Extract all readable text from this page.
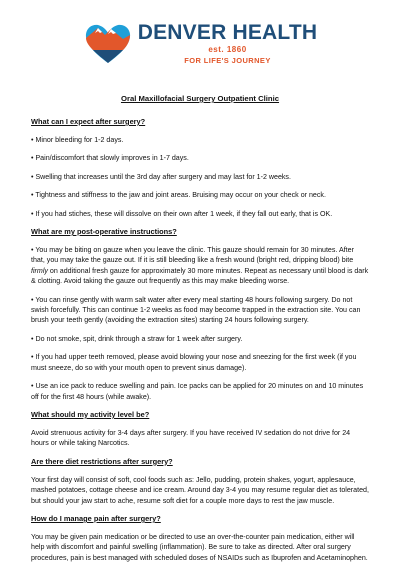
DENVER HEALTH
est. 1860
FOR LIFE'S JOURNEY
Oral Maxillofacial Surgery Outpatient Clinic
What can I expect after surgery?

• Minor bleeding for 1-2 days.

• Pain/discomfort that slowly improves in 1-7 days.

• Swelling that increases until the 3rd day after surgery and may last for 1-2 weeks.

• Tightness and stiffness to the jaw and joint areas. Bruising may occur on your check or neck.

• If you had stiches, these will dissolve on their own after 1 week, if they fall out early, that is OK.

What are my post-operative instructions?

• You may be biting on gauze when you leave the clinic. This gauze should remain for 30 minutes. After that, you may take the gauze out. If it is still bleeding like a fresh wound (bright red, dripping blood) bite firmly on additional fresh gauze for approximately 30 more minutes. Repeat as necessary until blood is dark & clotting. Avoid taking the gauze out frequently as this may make bleeding worse.

• You can rinse gently with warm salt water after every meal starting 48 hours following surgery. Do not swish forcefully. This can continue 1-2 weeks as food may become trapped in the extraction site. You can brush your teeth gently (avoiding the extraction sites) starting 24 hours following surgery.

• Do not smoke, spit, drink through a straw for 1 week after surgery.

• If you had upper teeth removed, please avoid blowing your nose and sneezing for the first week (if you must sneeze, do so with your mouth open to prevent sinus damage).

• Use an ice pack to reduce swelling and pain. Ice packs can be applied for 20 minutes on and 10 minutes off for the first 48 hours (while awake).

What should my activity level be?

Avoid strenuous activity for 3-4 days after surgery. If you have received IV sedation do not drive for 24 hours or while taking Narcotics.

Are there diet restrictions after surgery?

Your first day will consist of soft, cool foods such as: Jello, pudding, protein shakes, yogurt, applesauce, mashed potatoes, cottage cheese and ice cream. Around day 3-4 you may resume regular diet as tolerated, but should your jaw start to ache, resume soft diet for a couple more days to rest the jaw muscle.

How do I manage pain after surgery?

You may be given pain medication or be directed to use an over-the-counter pain medication, either will help with discomfort and painful swelling (inflammation). Be sure to take as directed. After oral surgery procedures, pain is best managed with scheduled doses of NSAIDs such as Ibuprofen and Acetaminophen.
